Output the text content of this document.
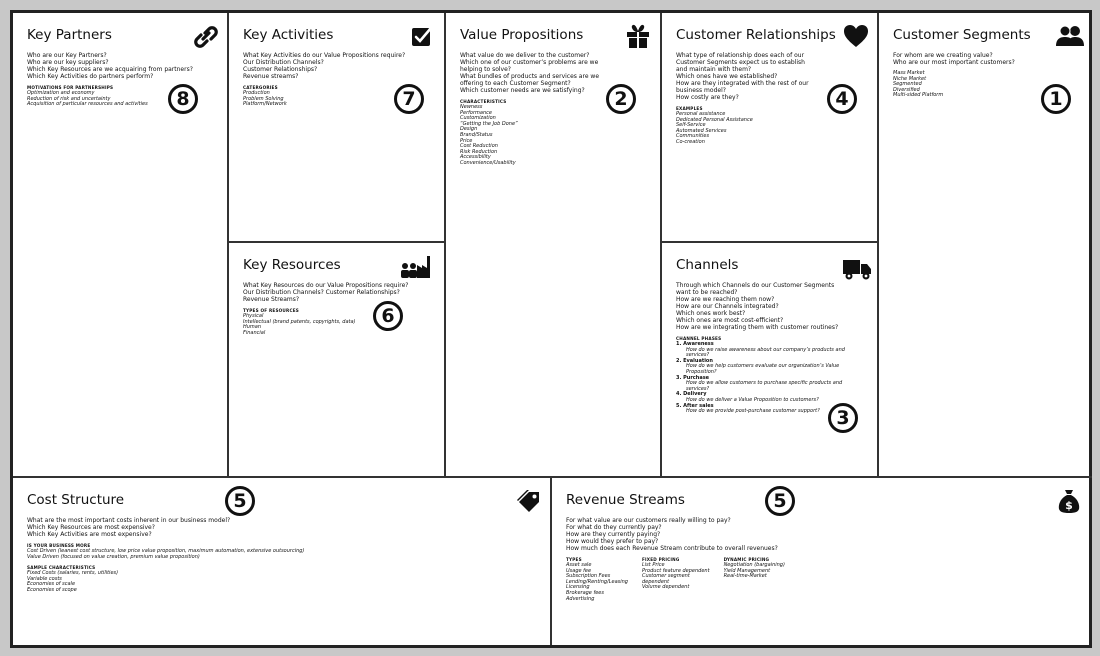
Key Partners
Who are our Key Partners?
Who are our key suppliers?
Which Key Resources are we acquairing from partners?
Which Key Activities do partners perform?
MOTIVATIONS FOR PARTNERSHIPS
Optimization and economy
Reduction of risk and uncertainty
Acquisition of particular resources and activities	8
Key Activities
What Key Activities do our Value Propositions require?
Our Distribution Channels?
Customer Relationships?
Revenue streams?
CATERGORIES
Production
Problem Solving
Platform/Network	7
Key Resources
What Key Resources do our Value Propositions require?
Our Distribution Channels? Customer Relationships?
Revenue Streams?
TYPES OF RESOURCES
Physical
Intellectual (brand patents, copyrights, data)
Human
Financial
6
Value Propositions
What value do we deliver to the customer?
Which one of our customer’s problems are we
helping to solve?
What bundles of products and services are we
offering to each Customer Segment?
Which customer needs are we satisfying?
CHARACTERISTICS
Newness
Performance
Customization
“Getting the Job Done”
Design
Brand/Status
Price
Cost Reduction
Risk Reduction
Accessibility
Convenience/Usability
2
Customer Relationships
What type of relationship does each of our
Customer Segments expect us to establish
and maintain with them?
Which ones have we established?
How are they integrated with the rest of our
business model?
How costly are they?
EXAMPLES
Personal assistance
Dedicated Personal Assistance
Self-Service
Automated Services
Communities
Co-creation
4
Channels
Through which Channels do our Customer Segments
want to be reached?
How are we reaching them now?
How are our Channels integrated?
Which ones work best?
Which ones are most cost-efficient?
How are we integrating them with customer routines?
CHANNEL PHASES
1. Awareness
How do we raise awareness about our company’s products and services?
2. Evaluation
How do we help customers evaluate our organization’s Value Proposition?
3. Purchase
How do we allow customers to purchase specific products and services?
4. Delivery
How do we deliver a Value Proposition to customers?
5. After sales
How do we provide post-purchase customer support? 3
Customer Segments
For whom are we creating value?
Who are our most important customers?
Mass Market
Niche Market
Segmented
Diversified
Multi-sided Platform	1
Cost Structure
What are the most important costs inherent in our business model?
Which Key Resources are most expensive?
Which Key Activities are most expensive?
IS YOUR BUSINESS MORE
Cost Driven (leanest cost structure, low price value proposition, maximum automation, extensive outsourcing)
Value Driven (focused on value creation, premium value proposition)
SAMPLE CHARACTERISTICS
Fixed Costs (salaries, rents, utilities)
Variable costs
Economies of scale
Economies of scope
5	Revenue Streams
For what value are our customers really willing to pay?
For what do they currently pay?
How are they currently paying?
How would they prefer to pay?
How much does each Revenue Stream contribute to overall revenues?
TYPES
Asset sale
Usage fee
Subscription Fees
Lending/Renting/Leasing
Licensing
Brokerage fees
Advertising
FIXED PRICING
List Price
Product feature dependent
Customer segment
dependent
Volume dependent
DYNAMIC PRICING
Negotiation (bargaining)
Yield Management
Real-time-Market
5	$
